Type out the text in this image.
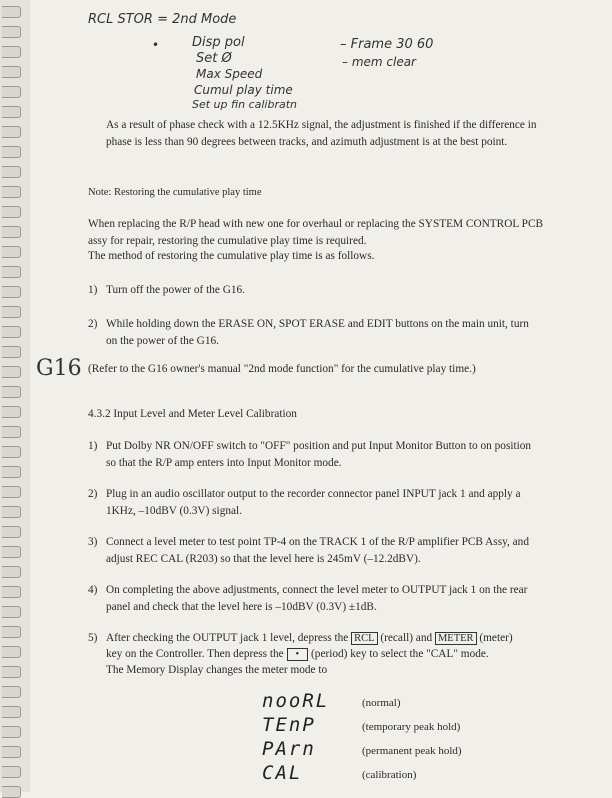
RCL STOR = 2nd Mode
•	Disp pol
Set Ø
Max Speed
Cumul play time
Set up fin calibratn
– Frame 30 60
– mem clear
G16

As a result of phase check with a 12.5KHz signal, the adjustment is finished if the difference in phase is less than 90 degrees between tracks, and azimuth adjustment is at the best point.

Note: Restoring the cumulative play time

When replacing the R/P head with new one for overhaul or replacing the SYSTEM CONTROL PCB assy for repair, restoring the cumulative play time is required.

The method of restoring the cumulative play time is as follows.

1) Turn off the power of the G16.

2) While holding down the ERASE ON, SPOT ERASE and EDIT buttons on the main unit, turn on the power of the G16.

(Refer to the G16 owner's manual "2nd mode function" for the cumulative play time.)

4.3.2 Input Level and Meter Level Calibration

1) Put Dolby NR ON/OFF switch to "OFF" position and put Input Monitor Button to on position so that the R/P amp enters into Input Monitor mode.

2) Plug in an audio oscillator output to the recorder connector panel INPUT jack 1 and apply a 1KHz, –10dBV (0.3V) signal.

3) Connect a level meter to test point TP-4 on the TRACK 1 of the R/P amplifier PCB Assy, and adjust REC CAL (R203) so that the level here is 245mV (–12.2dBV).

4) On completing the above adjustments, connect the level meter to OUTPUT jack 1 on the rear panel and check that the level here is –10dBV (0.3V) ±1dB.

5) After checking the OUTPUT jack 1 level, depress the RCL (recall) and METER (meter)

key on the Controller. Then depress the • (period) key to select the "CAL" mode.

The Memory Display changes the meter mode to

nooRL	(normal)
TEnP	(temporary peak hold)
PArn	(permanent peak hold)
CAL	(calibration)
